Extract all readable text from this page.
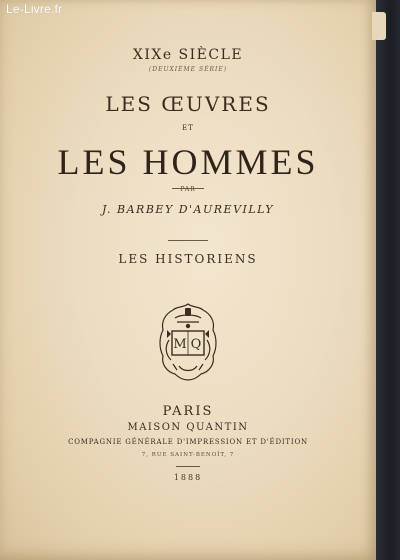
XIXe SIÈCLE
(DEUXIÈME SÉRIE)
LES ŒUVRES
ET
LES HOMMES
PAR
J. BARBEY D'AUREVILLY
LES HISTORIENS
M Q
PARIS
MAISON QUANTIN
COMPAGNIE GÉNÉRALE D'IMPRESSION ET D'ÉDITION
7, RUE SAINT-BENOÎT, 7
1888
Le-Livre.fr
